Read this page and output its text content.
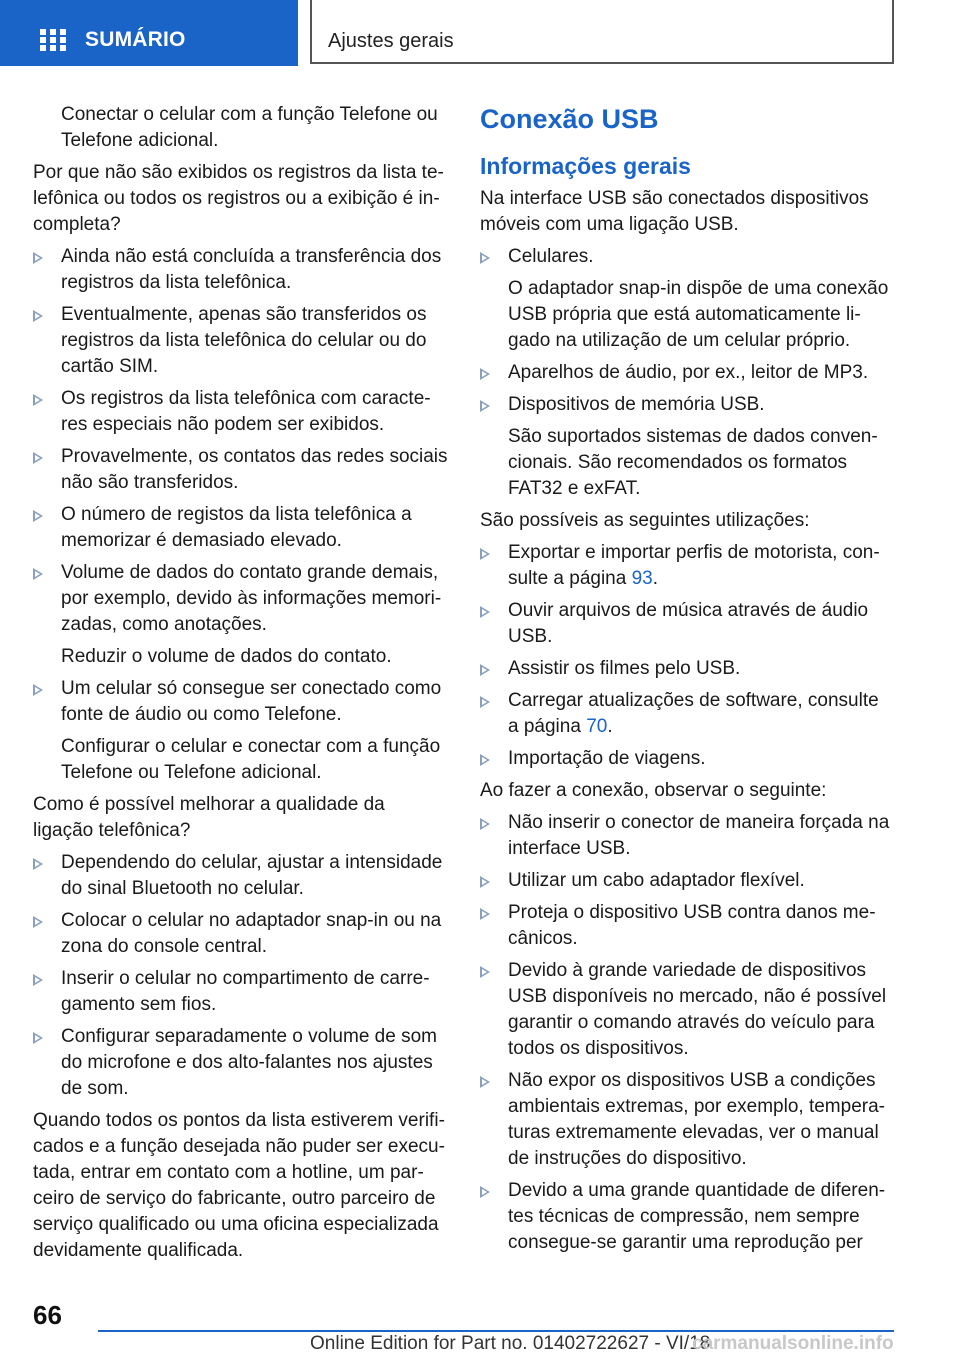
SUMÁRIO	Ajustes gerais
Conectar o celular com a função Telefone ou Telefone adicional.
Por que não são exibidos os registros da lista telefônica ou todos os registros ou a exibição é incompleta?
Ainda não está concluída a transferência dos registros da lista telefônica.
Eventualmente, apenas são transferidos os registros da lista telefônica do celular ou do cartão SIM.
Os registros da lista telefônica com caracteres especiais não podem ser exibidos.
Provavelmente, os contatos das redes sociais não são transferidos.
O número de registos da lista telefônica a memorizar é demasiado elevado.
Volume de dados do contato grande demais, por exemplo, devido às informações memorizadas, como anotações.
Reduzir o volume de dados do contato.
Um celular só consegue ser conectado como fonte de áudio ou como Telefone.
Configurar o celular e conectar com a função Telefone ou Telefone adicional.
Como é possível melhorar a qualidade da ligação telefônica?
Dependendo do celular, ajustar a intensidade do sinal Bluetooth no celular.
Colocar o celular no adaptador snap-in ou na zona do console central.
Inserir o celular no compartimento de carregamento sem fios.
Configurar separadamente o volume de som do microfone e dos alto-falantes nos ajustes de som.
Quando todos os pontos da lista estiverem verificados e a função desejada não puder ser executada, entrar em contato com a hotline, um parceiro de serviço do fabricante, outro parceiro de serviço qualificado ou uma oficina especializada devidamente qualificada.
Conexão USB
Informações gerais
Na interface USB são conectados dispositivos móveis com uma ligação USB.
Celulares.
O adaptador snap-in dispõe de uma conexão USB própria que está automaticamente ligado na utilização de um celular próprio.
Aparelhos de áudio, por ex., leitor de MP3.
Dispositivos de memória USB.
São suportados sistemas de dados convencionais. São recomendados os formatos FAT32 e exFAT.
São possíveis as seguintes utilizações:
Exportar e importar perfis de motorista, consulte a página 93.
Ouvir arquivos de música através de áudio USB.
Assistir os filmes pelo USB.
Carregar atualizações de software, consulte a página 70.
Importação de viagens.
Ao fazer a conexão, observar o seguinte:
Não inserir o conector de maneira forçada na interface USB.
Utilizar um cabo adaptador flexível.
Proteja o dispositivo USB contra danos mecânicos.
Devido à grande variedade de dispositivos USB disponíveis no mercado, não é possível garantir o comando através do veículo para todos os dispositivos.
Não expor os dispositivos USB a condições ambientais extremas, por exemplo, temperaturas extremamente elevadas, ver o manual de instruções do dispositivo.
Devido a uma grande quantidade de diferentes técnicas de compressão, nem sempre consegue-se garantir uma reprodução per
66
Online Edition for Part no. 01402722627 - VI/18
carmanualsonline.info
